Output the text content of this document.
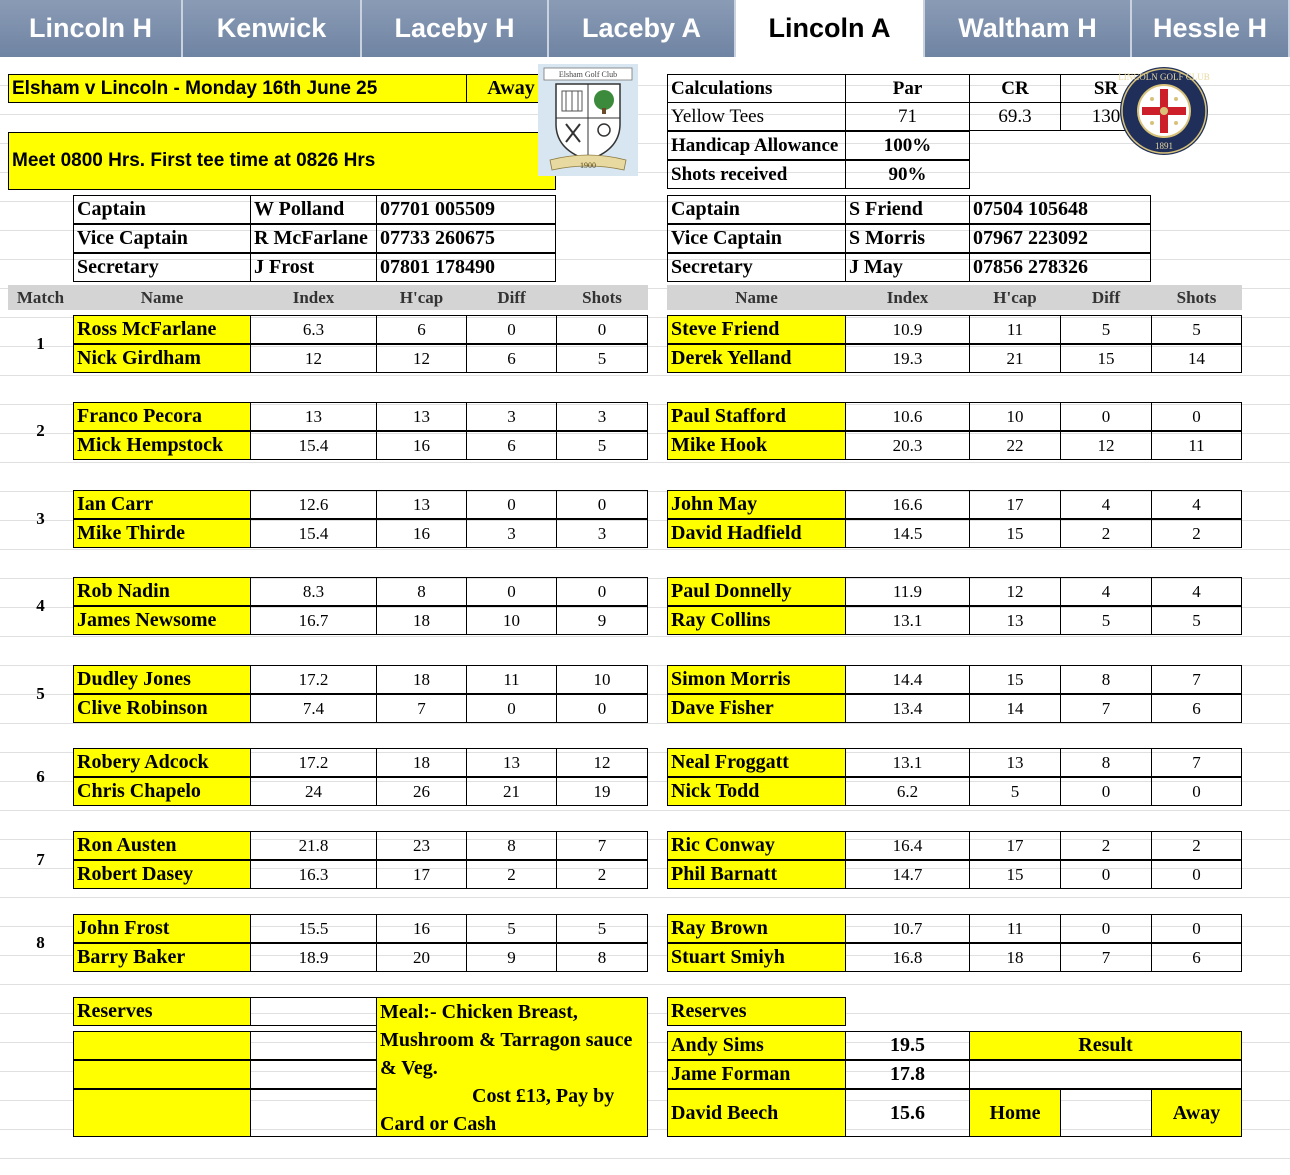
Lincoln H	Kenwick	Laceby H	Laceby A	Lincoln A	Waltham H	Hessle H
Elsham v Lincoln - Monday 16th June 25	Away
Meet 0800 Hrs. First tee time at 0826 Hrs
Elsham Golf Club
1900
Calculations	Par	CR	SR
Yellow Tees	71	69.3	130
Handicap Allowance	100%
Shots received	90%
LINCOLN GOLF CLUB
1891
Captain	W Polland	07701 005509
Vice Captain	R McFarlane 07733 260675
Secretary	J Frost	07801 178490
Captain	S Friend	07504 105648
Vice Captain	S Morris	07967 223092
Secretary	J May	07856 278326
Match	Name	Index	H'cap	Diff	Shots	Name	Index	H'cap	Diff	Shots
1
Ross McFarlane	6.3	6	0	0	Steve Friend	10.9	11	5	5
Nick Girdham	12	12	6	5	Derek Yelland	19.3	21	15	14
2
Franco Pecora	13	13	3	3	Paul Stafford	10.6	10	0	0
Mick Hempstock	15.4	16	6	5	Mike Hook	20.3	22	12	11
3
Ian Carr	12.6	13	0	0	John May	16.6	17	4	4
Mike Thirde	15.4	16	3	3	David Hadfield	14.5	15	2	2
4
Rob Nadin	8.3	8	0	0	Paul Donnelly	11.9	12	4	4
James Newsome	16.7	18	10	9	Ray Collins	13.1	13	5	5
5
Dudley Jones	17.2	18	11	10	Simon Morris	14.4	15	8	7
Clive Robinson	7.4	7	0	0	Dave Fisher	13.4	14	7	6
6
Robery Adcock	17.2	18	13	12	Neal Froggatt	13.1	13	8	7
Chris Chapelo	24	26	21	19	Nick Todd	6.2	5	0	0
7
Ron Austen	21.8	23	8	7	Ric Conway	16.4	17	2	2
Robert Dasey	16.3	17	2	2	Phil Barnatt	14.7	15	0	0
8
John Frost	15.5	16	5	5	Ray Brown	10.7	11	0	0
Barry Baker	18.9	20	9	8	Stuart Smiyh	16.8	18	7	6
Reserves	Meal:- Chicken Breast, Mushroom & Tarragon sauce & Veg.
Cost £13, Pay by Card or Cash
Reserves
Andy Sims	19.5
Jame Forman	17.8
David Beech	15.6
Result
Home	Away
